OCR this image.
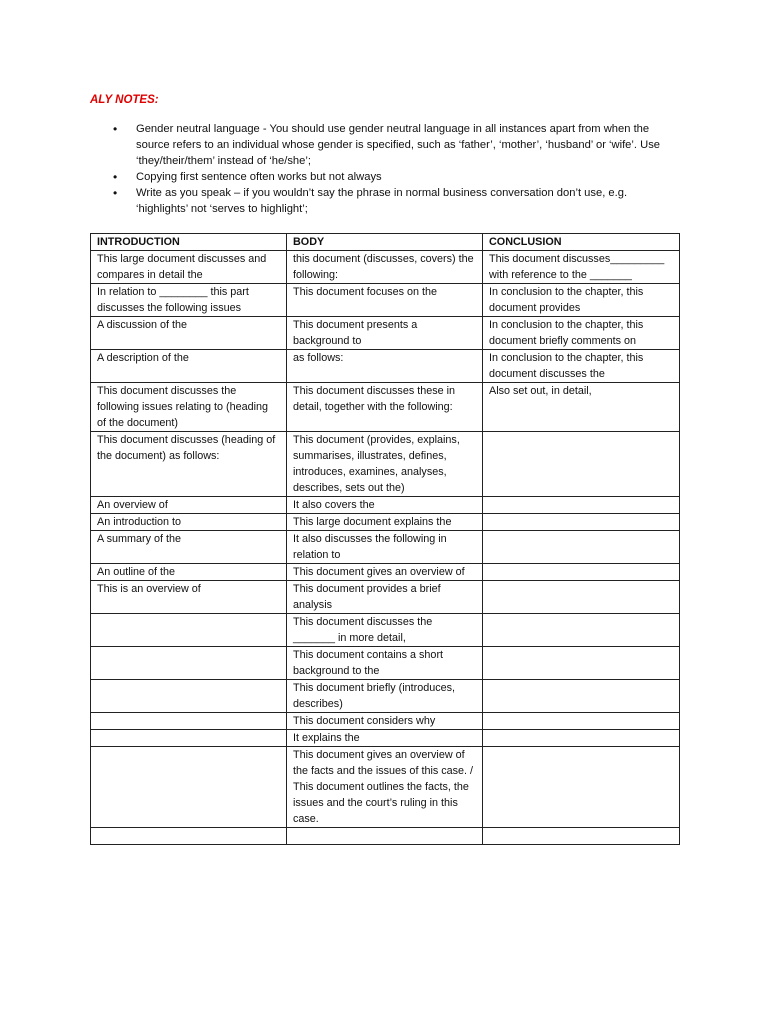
ALY NOTES:
• Gender neutral language - You should use gender neutral language in all instances apart from when the source refers to an individual whose gender is specified, such as ‘father’, ‘mother’, ‘husband’ or ‘wife’. Use ‘they/their/them’ instead of ‘he/she’;
• Copying first sentence often works but not always
• Write as you speak – if you wouldn’t say the phrase in normal business conversation don’t use, e.g. ‘highlights’ not ‘serves to highlight’;
INTRODUCTION	BODY	CONCLUSION
This large document discusses and compares in detail the	this document (discusses, covers) the following:	This document discusses_________ with reference to the _______
In relation to ________ this part discusses the following issues	This document focuses on the	In conclusion to the chapter, this document provides
A discussion of the	This document presents a background to	In conclusion to the chapter, this document briefly comments on
A description of the	as follows:	In conclusion to the chapter, this document discusses the
This document discusses the following issues relating to (heading of the document)	This document discusses these in detail, together with the following:	Also set out, in detail,
This document discusses (heading of the document) as follows:	This document (provides, explains, summarises, illustrates, defines, introduces, examines, analyses, describes, sets out the)	
An overview of	It also covers the	
An introduction to	This large document explains the	
A summary of the	It also discusses the following in relation to	
An outline of the	This document gives an overview of	
This is an overview of	This document provides a brief analysis	
	This document discusses the _______ in more detail,	
	This document contains a short background to the	
	This document briefly (introduces, describes)	
	This document considers why	
	It explains the	
	This document gives an overview of the facts and the issues of this case. / This document outlines the facts, the issues and the court’s ruling in this case.	
